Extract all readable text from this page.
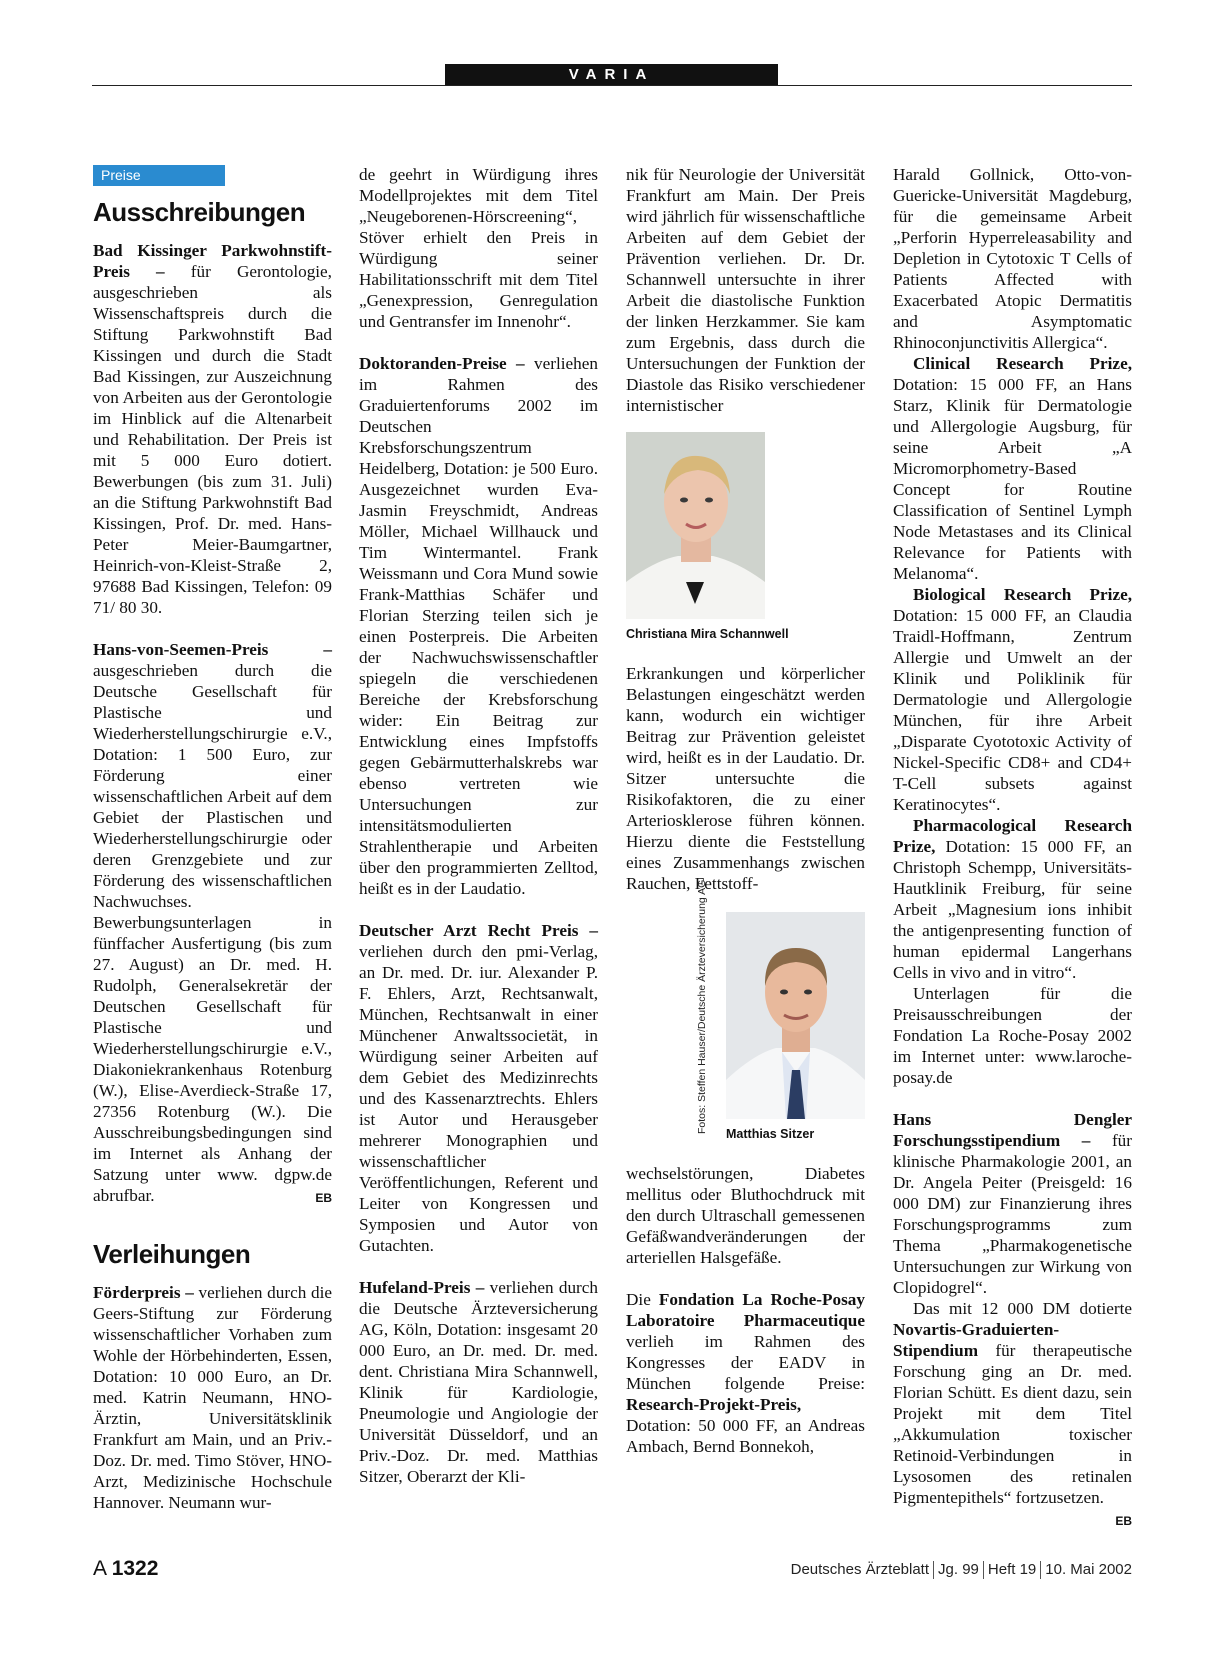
VARIA
Preise
Ausschreibungen

Bad Kissinger Parkwohnstift-Preis – für Gerontologie, ausgeschrieben als Wissenschaftspreis durch die Stiftung Parkwohnstift Bad Kissingen und durch die Stadt Bad Kissingen, zur Auszeichnung von Arbeiten aus der Gerontologie im Hinblick auf die Altenarbeit und Rehabilitation. Der Preis ist mit 5 000 Euro dotiert. Bewerbungen (bis zum 31. Juli) an die Stiftung Parkwohnstift Bad Kissingen, Prof. Dr. med. Hans-Peter Meier-Baumgartner, Heinrich-von-Kleist-Straße 2, 97688 Bad Kissingen, Telefon: 09 71/ 80 30.

Hans-von-Seemen-Preis – ausgeschrieben durch die Deutsche Gesellschaft für Plastische und Wiederherstellungschirurgie e.V., Dotation: 1 500 Euro, zur Förderung einer wissenschaftlichen Arbeit auf dem Gebiet der Plastischen und Wiederherstellungschirurgie oder deren Grenzgebiete und zur Förderung des wissenschaftlichen Nachwuchses. Bewerbungsunterlagen in fünffacher Ausfertigung (bis zum 27. August) an Dr. med. H. Rudolph, Generalsekretär der Deutschen Gesellschaft für Plastische und Wiederherstellungschirurgie e.V., Diakoniekrankenhaus Rotenburg (W.), Elise-Averdieck-Straße 17, 27356 Rotenburg (W.). Die Ausschreibungsbedingungen sind im Internet als Anhang der Satzung unter www. dgpw.de abrufbar.	EB

Verleihungen

Förderpreis – verliehen durch die Geers-Stiftung zur Förderung wissenschaftlicher Vorhaben zum Wohle der Hörbehinderten, Essen, Dotation: 10 000 Euro, an Dr. med. Katrin Neumann, HNO-Ärztin, Universitätsklinik Frankfurt am Main, und an Priv.-Doz. Dr. med. Timo Stöver, HNO-Arzt, Medizinische Hochschule Hannover. Neumann wur-

de geehrt in Würdigung ihres Modellprojektes mit dem Titel „Neugeborenen-Hörscreening“, Stöver erhielt den Preis in Würdigung seiner Habilitationsschrift mit dem Titel „Genexpression, Genregulation und Gentransfer im Innenohr“.

Doktoranden-Preise – verliehen im Rahmen des Graduiertenforums 2002 im Deutschen Krebsforschungszentrum Heidelberg, Dotation: je 500 Euro. Ausgezeichnet wurden Eva-Jasmin Freyschmidt, Andreas Möller, Michael Willhauck und Tim Wintermantel. Frank Weissmann und Cora Mund sowie Frank-Matthias Schäfer und Florian Sterzing teilen sich je einen Posterpreis. Die Arbeiten der Nachwuchswissenschaftler spiegeln die verschiedenen Bereiche der Krebsforschung wider: Ein Beitrag zur Entwicklung eines Impfstoffs gegen Gebärmutterhalskrebs war ebenso vertreten wie Untersuchungen zur intensitätsmodulierten Strahlentherapie und Arbeiten über den programmierten Zelltod, heißt es in der Laudatio.

Deutscher Arzt Recht Preis – verliehen durch den pmi-Verlag, an Dr. med. Dr. iur. Alexander P. F. Ehlers, Arzt, Rechtsanwalt, München, Rechtsanwalt in einer Münchener Anwaltssocietät, in Würdigung seiner Arbeiten auf dem Gebiet des Medizinrechts und des Kassenarztrechts. Ehlers ist Autor und Herausgeber mehrerer Monographien und wissenschaftlicher Veröffentlichungen, Referent und Leiter von Kongressen und Symposien und Autor von Gutachten.

Hufeland-Preis – verliehen durch die Deutsche Ärzteversicherung AG, Köln, Dotation: insgesamt 20 000 Euro, an Dr. med. Dr. med. dent. Christiana Mira Schannwell, Klinik für Kardiologie, Pneumologie und Angiologie der Universität Düsseldorf, und an Priv.-Doz. Dr. med. Matthias Sitzer, Oberarzt der Kli-

nik für Neurologie der Universität Frankfurt am Main. Der Preis wird jährlich für wissenschaftliche Arbeiten auf dem Gebiet der Prävention verliehen. Dr. Dr. Schannwell untersuchte in ihrer Arbeit die diastolische Funktion der linken Herzkammer. Sie kam zum Ergebnis, dass durch die Untersuchungen der Funktion der Diastole das Risiko verschiedener internistischer

Christiana Mira Schannwell

Erkrankungen und körperlicher Belastungen eingeschätzt werden kann, wodurch ein wichtiger Beitrag zur Prävention geleistet wird, heißt es in der Laudatio. Dr. Sitzer untersuchte die Risikofaktoren, die zu einer Arteriosklerose führen können. Hierzu diente die Feststellung eines Zusammenhangs zwischen Rauchen, Fettstoff-

Fotos: Steffen Hauser/Deutsche Ärzteversicherung AG	Matthias Sitzer

wechselstörungen, Diabetes mellitus oder Bluthochdruck mit den durch Ultraschall gemessenen Gefäßwandveränderungen der arteriellen Halsgefäße.

Die Fondation La Roche-Posay Laboratoire Pharmaceutique verlieh im Rahmen des Kongresses der EADV in München folgende Preise: Research-Projekt-Preis, Dotation: 50 000 FF, an Andreas Ambach, Bernd Bonnekoh,

Harald Gollnick, Otto-von-Guericke-Universität Magdeburg, für die gemeinsame Arbeit „Perforin Hyperreleasability and Depletion in Cytotoxic T Cells of Patients Affected with Exacerbated Atopic Dermatitis and Asymptomatic Rhinoconjunctivitis Allergica“.

Clinical Research Prize, Dotation: 15 000 FF, an Hans Starz, Klinik für Dermatologie und Allergologie Augsburg, für seine Arbeit „A Micromorphometry-Based Concept for Routine Classification of Sentinel Lymph Node Metastases and its Clinical Relevance for Patients with Melanoma“.

Biological Research Prize, Dotation: 15 000 FF, an Claudia Traidl-Hoffmann, Zentrum Allergie und Umwelt an der Klinik und Poliklinik für Dermatologie und Allergologie München, für ihre Arbeit „Disparate Cyototoxic Activity of Nickel-Specific CD8+ and CD4+ T-Cell subsets against Keratinocytes“.

Pharmacological Research Prize, Dotation: 15 000 FF, an Christoph Schempp, Universitäts-Hautklinik Freiburg, für seine Arbeit „Magnesium ions inhibit the antigenpresenting function of human epidermal Langerhans Cells in vivo and in vitro“.

Unterlagen für die Preisausschreibungen der Fondation La Roche-Posay 2002 im Internet unter: www.laroche-posay.de

Hans Dengler Forschungsstipendium – für klinische Pharmakologie 2001, an Dr. Angela Peiter (Preisgeld: 16 000 DM) zur Finanzierung ihres Forschungsprogramms zum Thema „Pharmakogenetische Untersuchungen zur Wirkung von Clopidogrel“.

Das mit 12 000 DM dotierte Novartis-Graduierten-Stipendium für therapeutische Forschung ging an Dr. med. Florian Schütt. Es dient dazu, sein Projekt mit dem Titel „Akkumulation toxischer Retinoid-Verbindungen in Lysosomen des retinalen Pigmentepithels“ fortzusetzen.
EB

A 1322	Deutsches Ärzteblatt Jg. 99 Heft 19 10. Mai 2002
